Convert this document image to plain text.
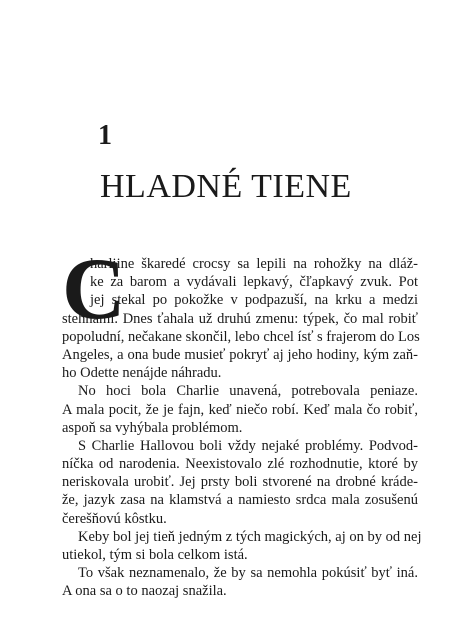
1
HLADNÉ TIENE
C
harliine škaredé crocsy sa lepili na rohožky na dláž-
ke za barom a vydávali lepkavý, čľapkavý zvuk. Pot
jej stekal po pokožke v podpazuší, na krku a medzi
stehnami. Dnes ťahala už druhú zmenu: týpek, čo mal robiť
popoludní, nečakane skončil, lebo chcel ísť s frajerom do Los
Angeles, a ona bude musieť pokryť aj jeho hodiny, kým zaň-
ho Odette nenájde náhradu.
No hoci bola Charlie unavená, potrebovala peniaze.
A mala pocit, že je fajn, keď niečo robí. Keď mala čo robiť,
aspoň sa vyhýbala problémom.
S Charlie Hallovou boli vždy nejaké problémy. Podvod-
níčka od narodenia. Neexistovalo zlé rozhodnutie, ktoré by
neriskovala urobiť. Jej prsty boli stvorené na drobné kráde-
že, jazyk zasa na klamstvá a namiesto srdca mala zosušenú
čerešňovú kôstku.
Keby bol jej tieň jedným z tých magických, aj on by od nej
utiekol, tým si bola celkom istá.
To však neznamenalo, že by sa nemohla pokúsiť byť iná.
A ona sa o to naozaj snažila.
